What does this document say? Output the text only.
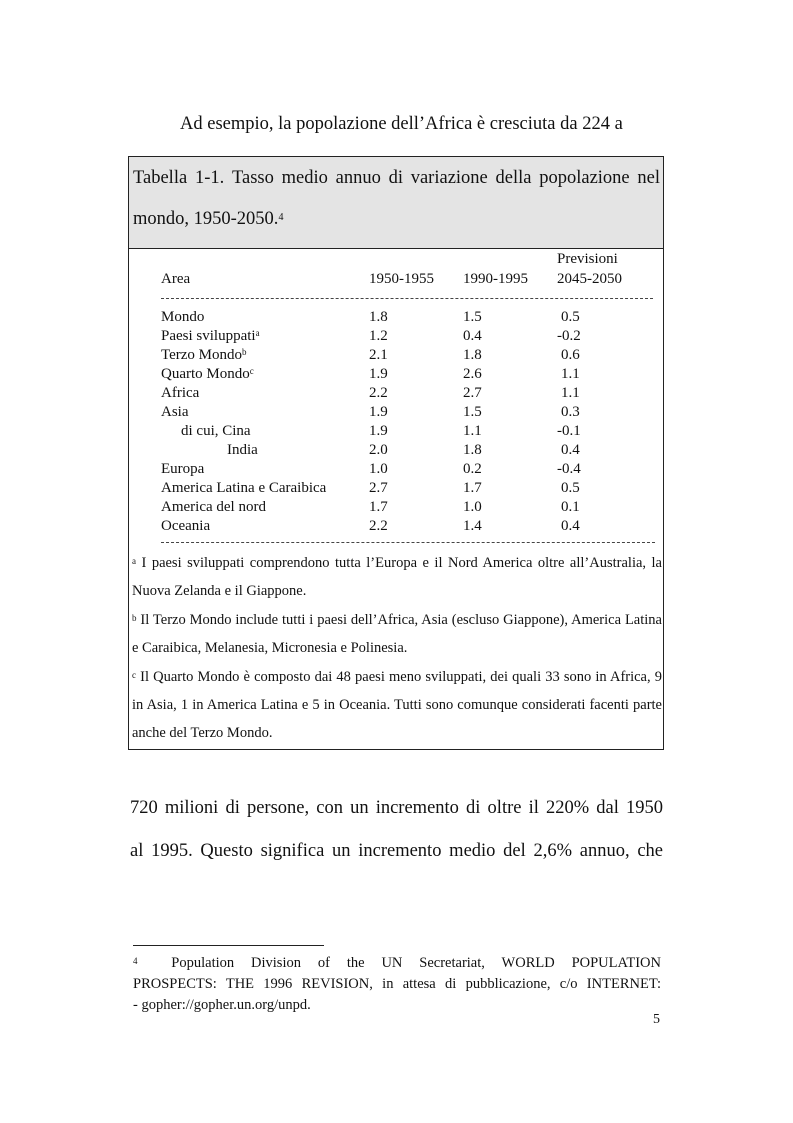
Ad esempio, la popolazione dell’Africa è cresciuta da 224 a
Tabella 1-1. Tasso medio annuo di variazione della popolazione nel
mondo, 1950-2050.$^4$
Previsioni
Area	1950-1955 1990-1995 2045-2050
Mondo	1.8	1.5	0.5
Paesi sviluppati$^a$	1.2	0.4	-0.2
Terzo Mondo$^b$	2.1	1.8	0.6
Quarto Mondo$^c$	1.9	2.6	1.1
Africa	2.2	2.7	1.1
Asia	1.9	1.5	0.3
di cui, Cina	1.9	1.1	-0.1
India	2.0	1.8	0.4
Europa	1.0	0.2	-0.4
America Latina e Caraibica	2.7	1.7	0.5
America del nord	1.7	1.0	0.1
Oceania	2.2	1.4	0.4

$^a$ I paesi sviluppati comprendono tutta l’Europa e il Nord America oltre all’Australia, la Nuova Zelanda e il Giappone.

$^b$ Il Terzo Mondo include tutti i paesi dell’Africa, Asia (escluso Giappone), America Latina e Caraibica, Melanesia, Micronesia e Polinesia.

$^c$ Il Quarto Mondo è composto dai 48 paesi meno sviluppati, dei quali 33 sono in Africa, 9 in Asia, 1 in America Latina e 5 in Oceania. Tutti sono comunque considerati facenti parte anche del Terzo Mondo.

720 milioni di persone, con un incremento di oltre il 220% dal 1950
al 1995. Questo significa un incremento medio del 2,6% annuo, che
$^4$ Population Division of the UN Secretariat, WORLD POPULATION
PROSPECTS: THE 1996 REVISION, in attesa di pubblicazione, c/o INTERNET:
- gopher://gopher.un.org/unpd.
5
